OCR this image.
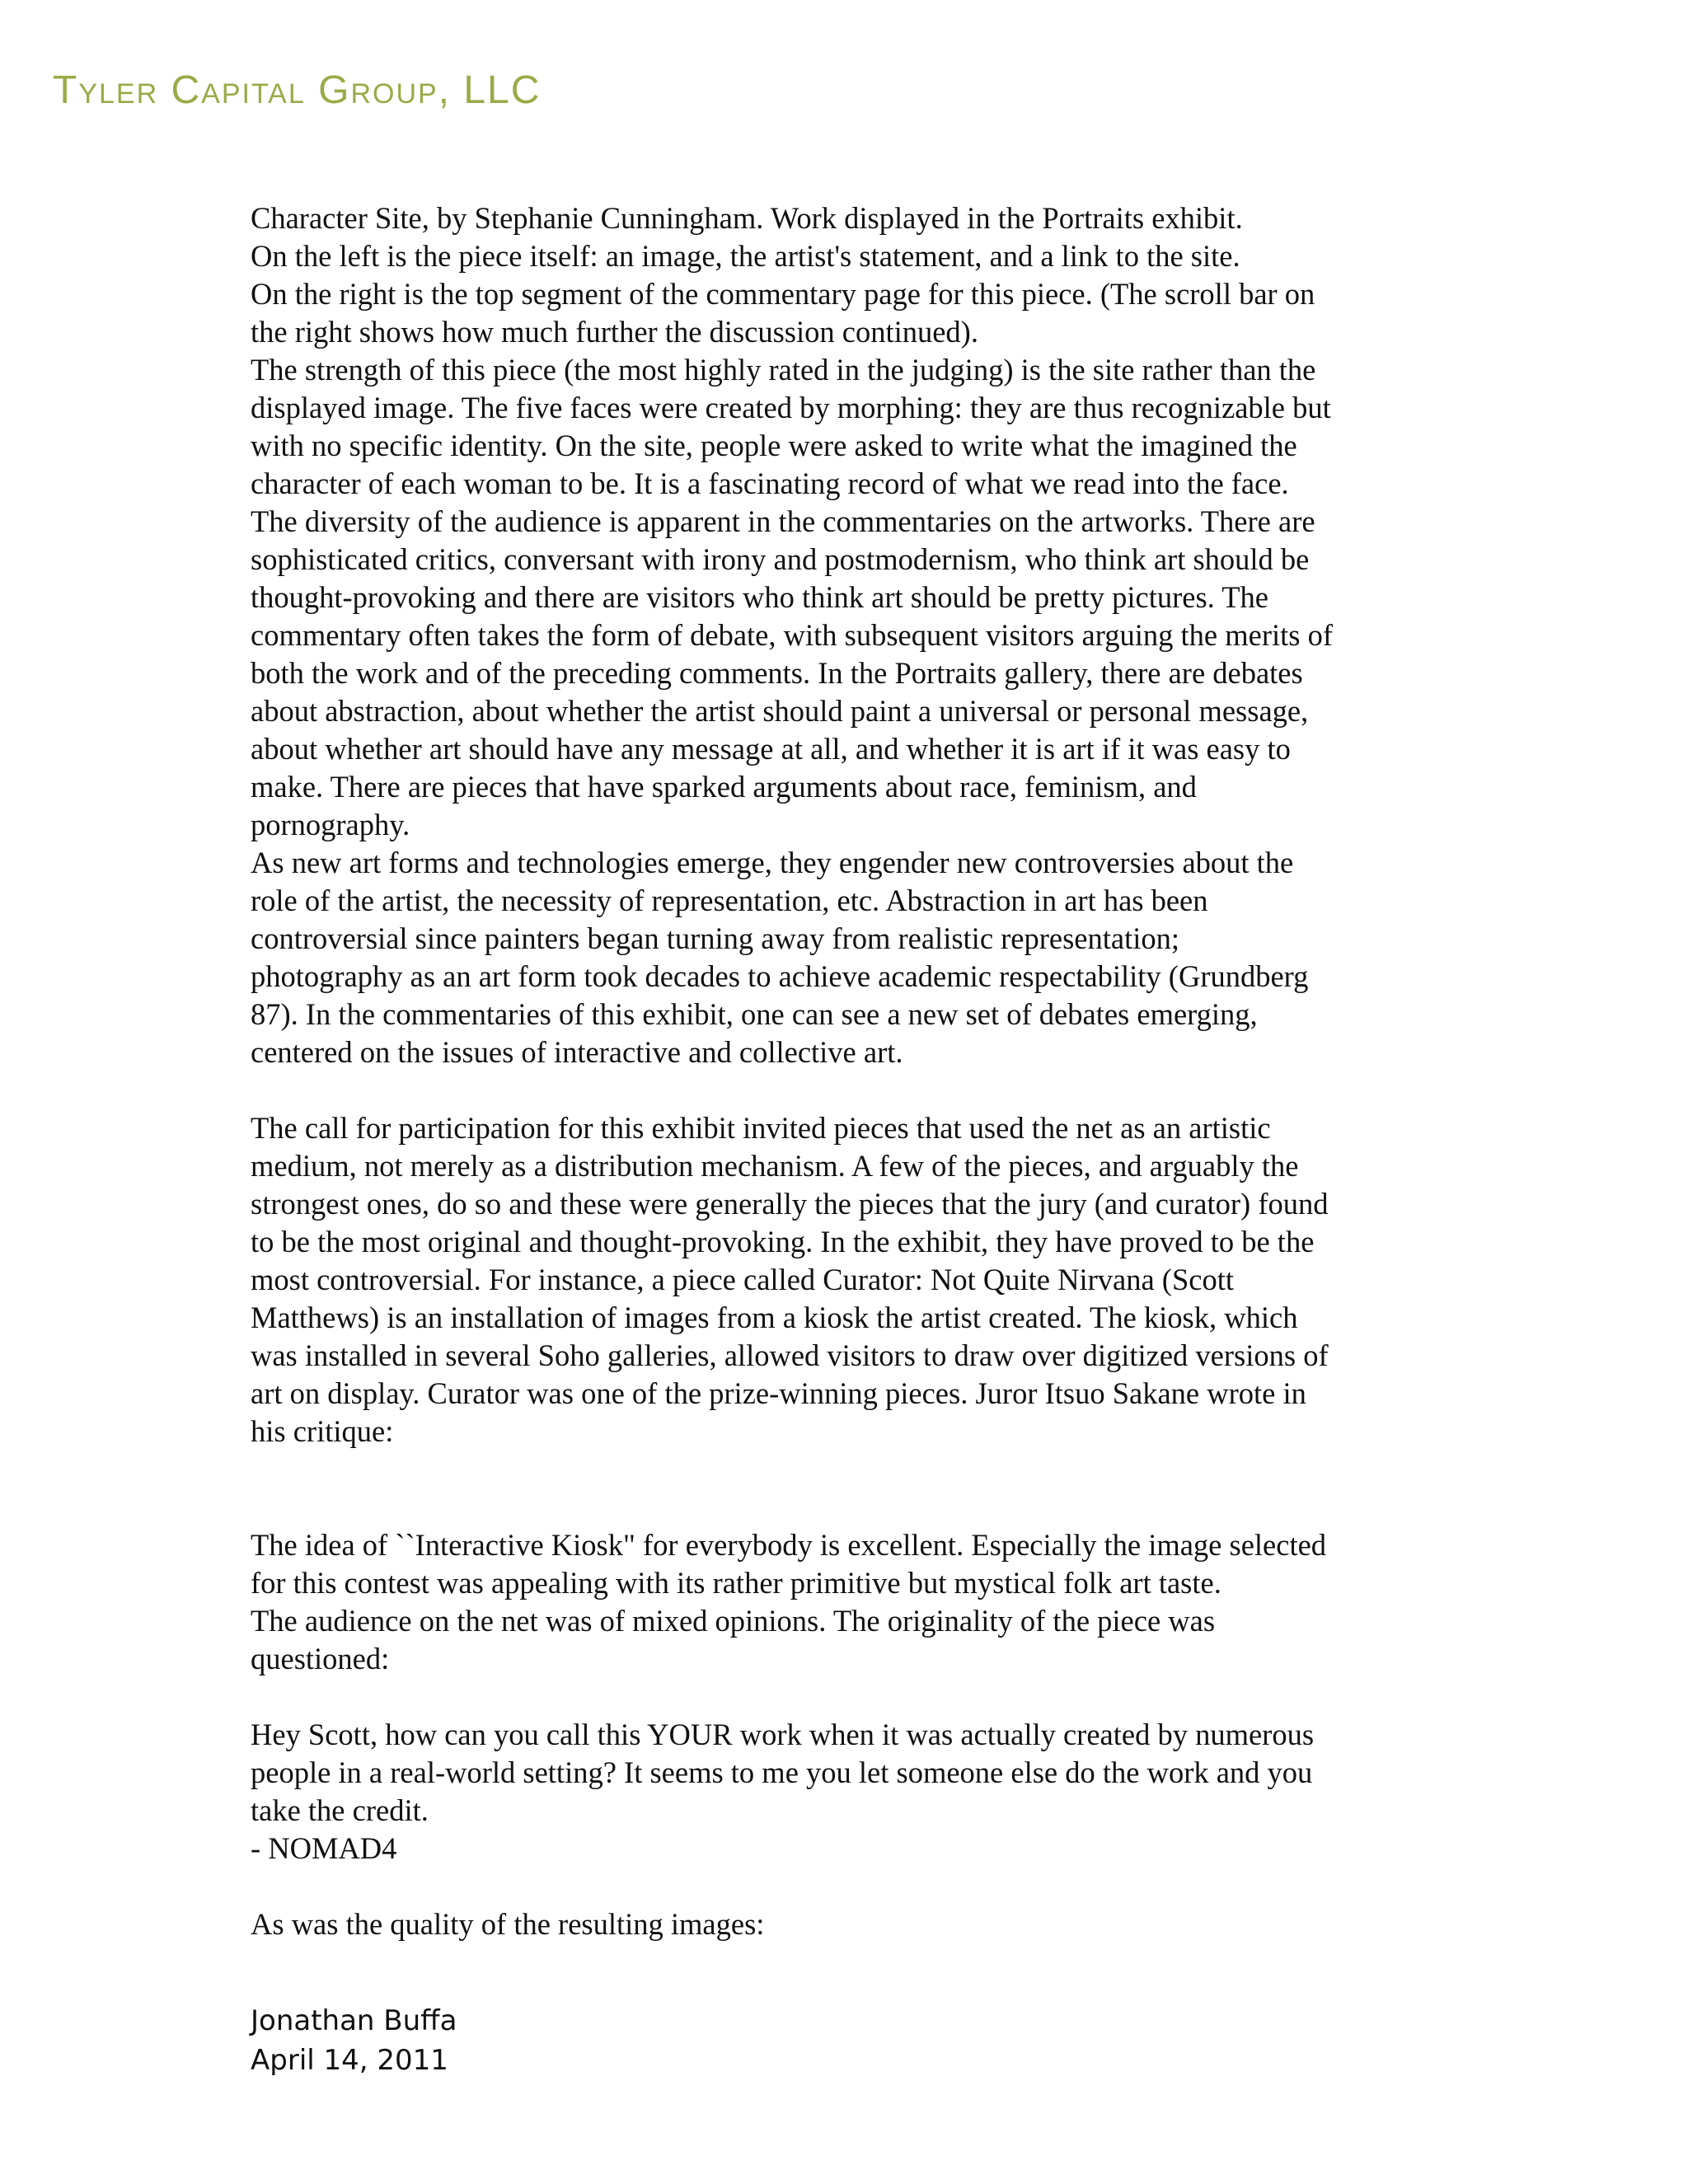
Tyler Capital Group, LLC

Character Site, by Stephanie Cunningham. Work displayed in the Portraits exhibit.
On the left is the piece itself: an image, the artist's statement, and a link to the site.
On the right is the top segment of the commentary page for this piece. (The scroll bar on
the right shows how much further the discussion continued).
The strength of this piece (the most highly rated in the judging) is the site rather than the
displayed image. The five faces were created by morphing: they are thus recognizable but
with no specific identity. On the site, people were asked to write what the imagined the
character of each woman to be. It is a fascinating record of what we read into the face.
The diversity of the audience is apparent in the commentaries on the artworks. There are
sophisticated critics, conversant with irony and postmodernism, who think art should be
thought-provoking and there are visitors who think art should be pretty pictures. The
commentary often takes the form of debate, with subsequent visitors arguing the merits of
both the work and of the preceding comments. In the Portraits gallery, there are debates
about abstraction, about whether the artist should paint a universal or personal message,
about whether art should have any message at all, and whether it is art if it was easy to
make. There are pieces that have sparked arguments about race, feminism, and
pornography.
As new art forms and technologies emerge, they engender new controversies about the
role of the artist, the necessity of representation, etc. Abstraction in art has been
controversial since painters began turning away from realistic representation;
photography as an art form took decades to achieve academic respectability (Grundberg
87). In the commentaries of this exhibit, one can see a new set of debates emerging,
centered on the issues of interactive and collective art.

The call for participation for this exhibit invited pieces that used the net as an artistic
medium, not merely as a distribution mechanism. A few of the pieces, and arguably the
strongest ones, do so and these were generally the pieces that the jury (and curator) found
to be the most original and thought-provoking. In the exhibit, they have proved to be the
most controversial. For instance, a piece called Curator: Not Quite Nirvana (Scott
Matthews) is an installation of images from a kiosk the artist created. The kiosk, which
was installed in several Soho galleries, allowed visitors to draw over digitized versions of
art on display. Curator was one of the prize-winning pieces. Juror Itsuo Sakane wrote in
his critique:

The idea of ``Interactive Kiosk" for everybody is excellent. Especially the image selected
for this contest was appealing with its rather primitive but mystical folk art taste.
The audience on the net was of mixed opinions. The originality of the piece was
questioned:

Hey Scott, how can you call this YOUR work when it was actually created by numerous
people in a real-world setting? It seems to me you let someone else do the work and you
take the credit.
- NOMAD4

As was the quality of the resulting images:

Jonathan Buffa
April 14, 2011
